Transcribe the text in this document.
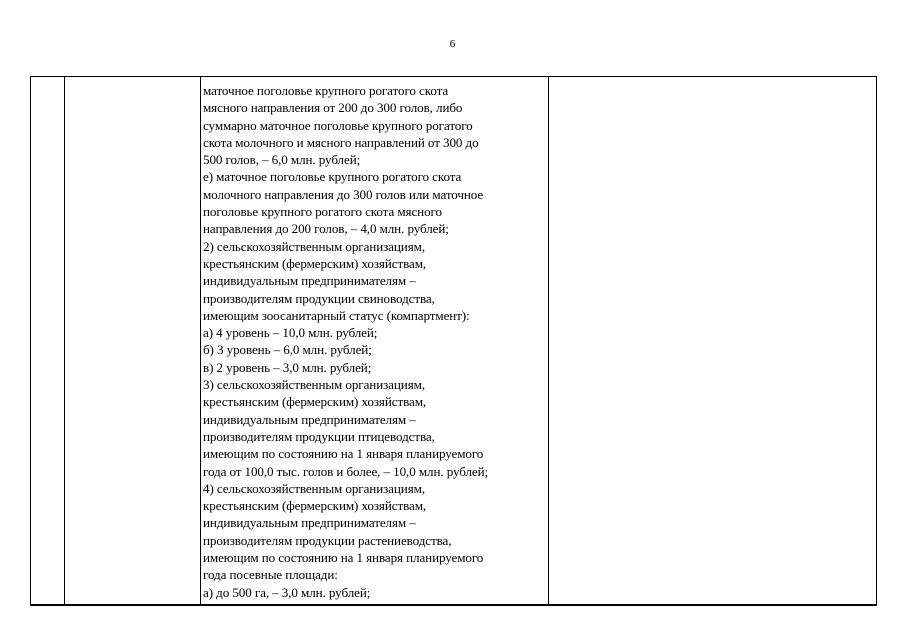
6
маточное поголовье крупного рогатого скота
мясного направления от 200 до 300 голов, либо
суммарно маточное поголовье крупного рогатого
скота молочного и мясного направлений от 300 до
500 голов, – 6,0 млн. рублей;
е) маточное поголовье крупного рогатого скота
молочного направления до 300 голов или маточное
поголовье крупного рогатого скота мясного
направления до 200 голов, – 4,0 млн. рублей;
2) сельскохозяйственным организациям,
крестьянским (фермерским) хозяйствам,
индивидуальным предпринимателям –
производителям продукции свиноводства,
имеющим зоосанитарный статус (компартмент):
а) 4 уровень – 10,0 млн. рублей;
б) 3 уровень – 6,0 млн. рублей;
в) 2 уровень – 3,0 млн. рублей;
3) сельскохозяйственным организациям,
крестьянским (фермерским) хозяйствам,
индивидуальным предпринимателям –
производителям продукции птицеводства,
имеющим по состоянию на 1 января планируемого
года от 100,0 тыс. голов и более, – 10,0 млн. рублей;
4) сельскохозяйственным организациям,
крестьянским (фермерским) хозяйствам,
индивидуальным предпринимателям –
производителям продукции растениеводства,
имеющим по состоянию на 1 января планируемого
года посевные площади:
а) до 500 га, – 3,0 млн. рублей;
